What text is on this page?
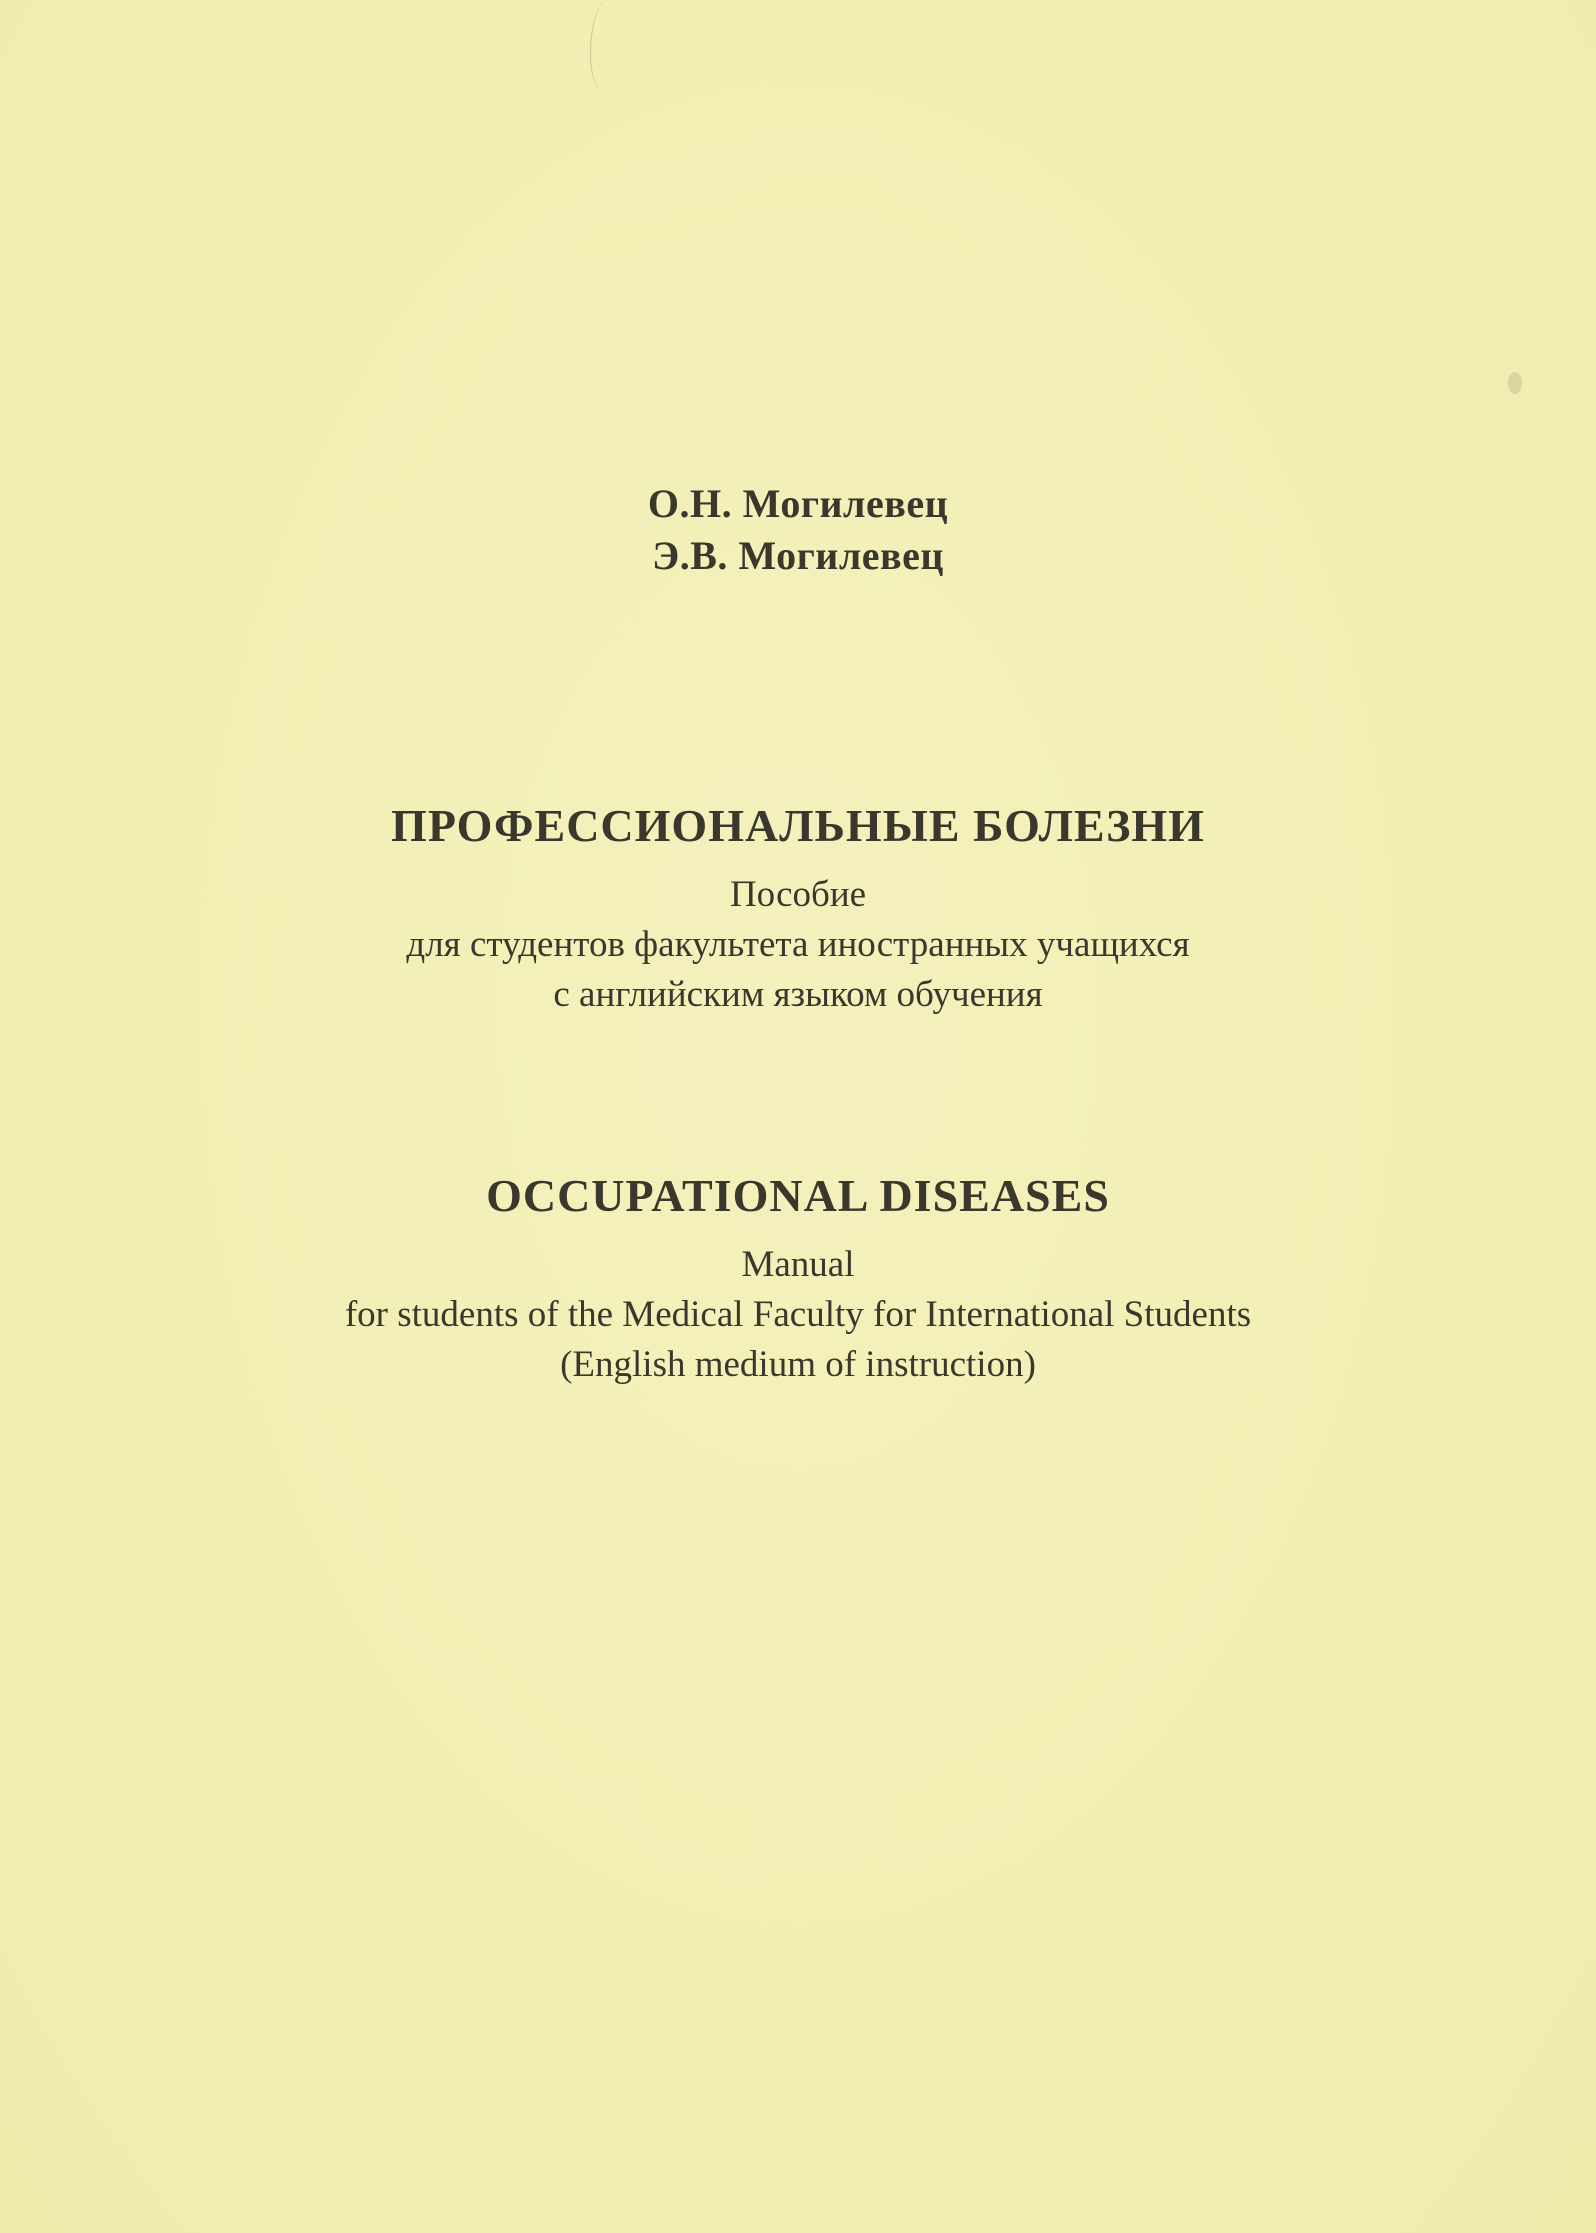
О.Н. Могилевец
Э.В. Могилевец
ПРОФЕССИОНАЛЬНЫЕ БОЛЕЗНИ
Пособие
для студентов факультета иностранных учащихся
с английским языком обучения
OCCUPATIONAL DISEASES
Manual
for students of the Medical Faculty for International Students
(English medium of instruction)
